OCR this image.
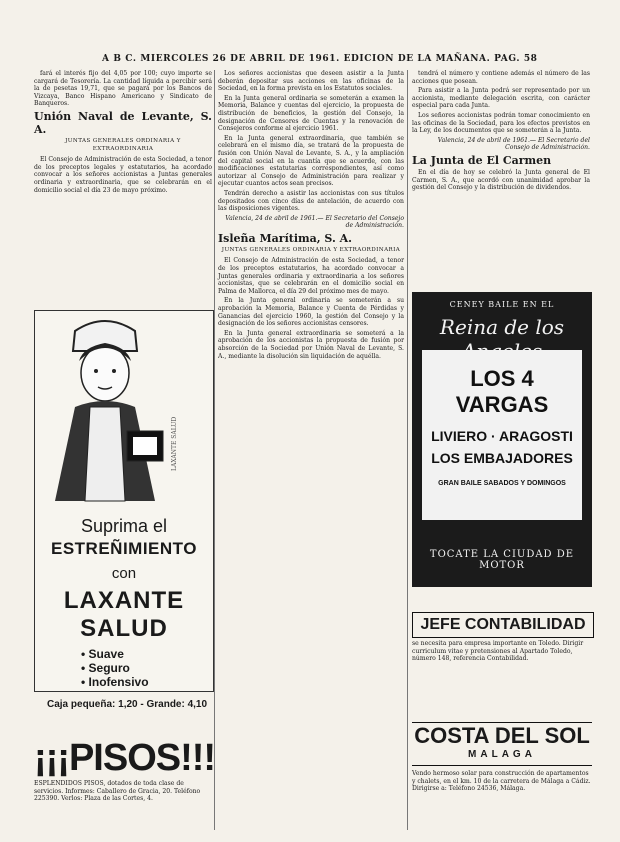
A B C. MIERCOLES 26 DE ABRIL DE 1961. EDICION DE LA MAÑANA. PAG. 58

fará el interés fijo del 4,05 por 100; cuyo importe se cargará de Tesorería. La cantidad líquida a percibir será la de pesetas 19,71, que se pagará por los Bancos de Vizcaya, Banco Hispano Americano y Sindicato de Banqueros.

Unión Naval de Levante, S. A.

JUNTAS GENERALES ORDINARIA Y EXTRAORDINARIA

El Consejo de Administración de esta Sociedad, a tenor de los preceptos legales y estatutarios, ha acordado convocar a los señores accionistas a Juntas generales ordinaria y extraordinaria, que se celebrarán en el domicilio social el día 23 de mayo próximo.

LAXANTE SALUD
Suprima el
ESTREÑIMIENTO
con
LAXANTE
SALUD
• Suave
• Seguro
• Inofensivo
Caja pequeña: 1,20 - Grande: 4,10
¡¡¡PISOS!!!
ESPLENDIDOS PISOS, dotados de toda clase de servicios. Informes: Caballero de Gracia, 20. Teléfono 225390. Verlos: Plaza de las Cortes, 4.

Los señores accionistas que deseen asistir a la Junta deberán depositar sus acciones en las oficinas de la Sociedad, en la forma prevista en los Estatutos sociales.

En la Junta general ordinaria se someterán a examen la Memoria, Balance y cuentas del ejercicio, la propuesta de distribución de beneficios, la gestión del Consejo, la designación de Censores de Cuentas y la renovación de Consejeros conforme al ejercicio 1961.

En la Junta general extraordinaria, que también se celebrará en el mismo día, se tratará de la propuesta de fusión con Unión Naval de Levante, S. A., y la ampliación del capital social en la cuantía que se acuerde, con las modificaciones estatutarias correspondientes, así como autorizar al Consejo de Administración para realizar y ejecutar cuantos actos sean precisos.

Tendrán derecho a asistir las accionistas con sus títulos depositados con cinco días de antelación, de acuerdo con las disposiciones vigentes.

Valencia, 24 de abril de 1961.— El Secretario del Consejo de Administración.

Isleña Marítima, S. A.

JUNTAS GENERALES ORDINARIA Y EXTRAORDINARIA

El Consejo de Administración de esta Sociedad, a tenor de los preceptos estatutarios, ha acordado convocar a Juntas generales ordinaria y extraordinaria a los señores accionistas, que se celebrarán en el domicilio social en Palma de Mallorca, el día 29 del próximo mes de mayo.

En la Junta general ordinaria se someterán a su aprobación la Memoria, Balance y Cuenta de Pérdidas y Ganancias del ejercicio 1960, la gestión del Consejo y la designación de los señores accionistas censores.

En la Junta general extraordinaria se someterá a la aprobación de los accionistas la propuesta de fusión por absorción de la Sociedad por Unión Naval de Levante, S. A., mediante la disolución sin liquidación de aquélla.

tendrá el número y contiene además el número de las acciones que posean.

Para asistir a la Junta podrá ser representado por un accionista, mediante delegación escrita, con carácter especial para cada Junta.

Los señores accionistas podrán tomar conocimiento en las oficinas de la Sociedad, para los efectos previstos en la Ley, de los documentos que se someterán a la Junta.

Valencia, 24 de abril de 1961.— El Secretario del Consejo de Administración.

La Junta de El Carmen

En el día de hoy se celebró la Junta general de El Carmen, S. A., que acordó con unanimidad aprobar la gestión del Consejo y la distribución de dividendos.

CENEY BAILE EN EL
Reina de los
LOS 4 VARGAS
LIVIERO · ARAGOSTI
LOS EMBAJADORES
GRAN BAILE SABADOS Y DOMINGOS
TOCATE LA CIUDAD DE MOTOR
JEFE CONTABILIDAD
se necesita para empresa importante en Toledo. Dirigir curriculum vitae y pretensiones al Apartado Toledo, número 148, referencia Contabilidad.
COSTA DEL SOL
MALAGA
Vendo hermoso solar para construcción de apartamentos y chalets, en el km. 10 de la carretera de Málaga a Cádiz. Dirigirse a: Teléfono 24536, Málaga.
